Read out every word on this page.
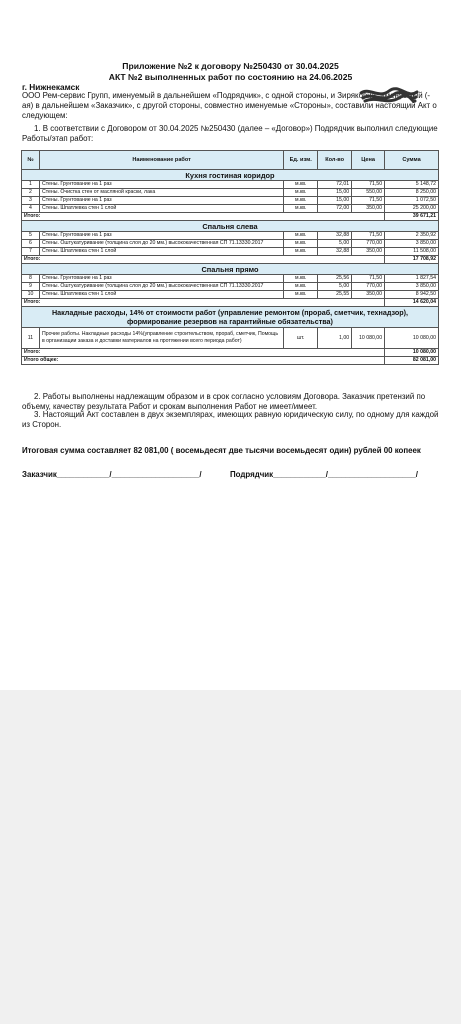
Приложение №2 к договору №250430 от 30.04.2025
АКТ №2 выполненных работ по состоянию на 24.06.2025
г. Нижнекамск
ООО Рем-сервис Групп, именуемый в дальнейшем «Подрядчик», с одной стороны, и Зиряковна, именуемый (-ая) в дальнейшем «Заказчик», с другой стороны, совместно именуемые «Стороны», составили настоящий Акт о следующем:
1. В соответствии с Договором от 30.04.2025 №250430 (далее – «Договор») Подрядчик выполнил следующие Работы/этап работ:
№	Наименование работ	Ед. изм.	Кол-во	Цена	Сумма
Кухня гостиная коридор					
1	Стены. Грунтование на 1 раз	м.кв.	72,01	71,50	5 148,72
2	Стены. Очистка стен от масляной краски, лака	м.кв.	15,00	550,00	8 250,00
3	Стены. Грунтование на 1 раз	м.кв.	15,00	71,50	1 072,50
4	Стены. Шпатлевка стен 1 слой	м.кв.	72,00	350,00	25 200,00
Итого:					39 671,21
Спальня слева					
5	Стены. Грунтование на 1 раз	м.кв.	32,88	71,50	2 350,92
6	Стены. Оштукатуривание (толщина слоя до 20 мм.) высококачественная СП 71.13330.2017	м.кв.	5,00	770,00	3 850,00
7	Стены. Шпатлевка стен 1 слой	м.кв.	32,88	350,00	11 508,00
Итого:					17 708,92
Спальня прямо					
8	Стены. Грунтование на 1 раз	м.кв.	25,56	71,50	1 827,54
9	Стены. Оштукатуривание (толщина слоя до 20 мм.) высококачественная СП 71.13330.2017	м.кв.	5,00	770,00	3 850,00
10	Стены. Шпатлевка стен 1 слой	м.кв.	25,55	350,00	8 942,50
Итого:					14 620,04
Накладные расходы, 14% от стоимости работ (управление ремонтом (прораб, сметчик, технадзор), формирование резервов на гарантийные обязательства)					
11	Прочие работы. Накладные расходы 14%(управление строительством, прораб, сметчик, Помощь в организации заказа и доставки материалов на протяжении всего периода работ)	шт.	1,00	10 080,00	10 080,00
Итого:					10 080,00
Итого общее:					82 081,00
2. Работы выполнены надлежащим образом и в срок согласно условиям Договора. Заказчик претензий по объему, качеству результата Работ и срокам выполнения Работ не имеет/имеет.
3. Настоящий Акт составлен в двух экземплярах, имеющих равную юридическую силу, по одному для каждой из Сторон.
Итоговая сумма составляет 82 081,00 ( восемьдесят две тысячи восемьдесят один) рублей 00 копеек
Заказчик____________/____________________/	Подрядчик____________/____________________/
